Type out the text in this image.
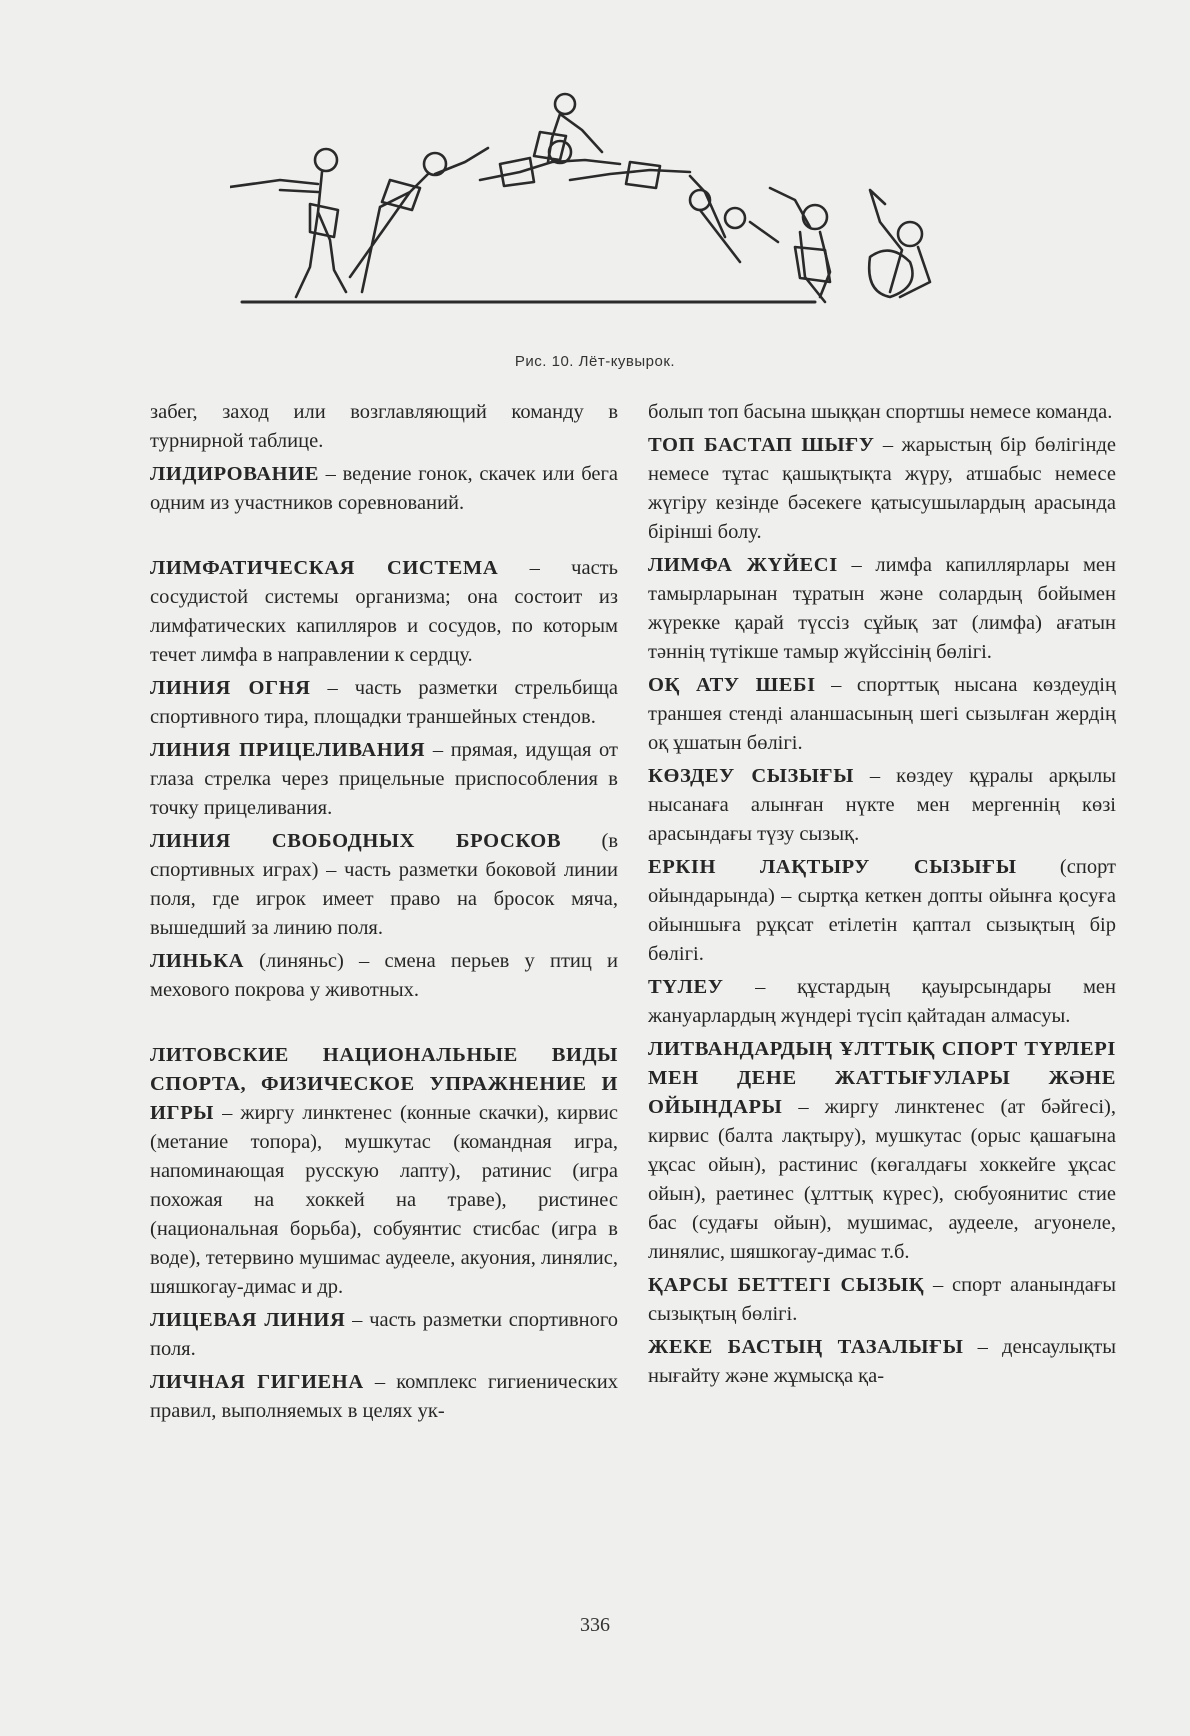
Рис. 10. Лёт-кувырок.

забег, заход или возглавляющий команду в турнирной таблице.

ЛИДИРОВАНИЕ – ведение гонок, скачек или бега одним из участников соревнований.

ЛИМФАТИЧЕСКАЯ СИСТЕМА – часть сосудистой системы организма; она состоит из лимфатических капилляров и сосудов, по которым течет лимфа в направлении к сердцу.

ЛИНИЯ ОГНЯ – часть разметки стрельбища спортивного тира, площадки траншейных стендов.

ЛИНИЯ ПРИЦЕЛИВАНИЯ – прямая, идущая от глаза стрелка через прицельные приспособления в точку прицеливания.

ЛИНИЯ СВОБОДНЫХ БРОСКОВ (в спортивных играх) – часть разметки боковой линии поля, где игрок имеет право на бросок мяча, вышедший за линию поля.

ЛИНЬКА (линяньс) – смена перьев у птиц и мехового покрова у животных.

ЛИТОВСКИЕ НАЦИОНАЛЬНЫЕ ВИДЫ СПОРТА, ФИЗИЧЕСКОЕ УПРАЖНЕНИЕ И ИГРЫ – жиргу линктенес (конные скачки), кирвис (метание топора), мушкутас (командная игра, напоминающая русскую лапту), ратинис (игра похожая на хоккей на траве), ристинес (национальная борьба), собуянтис стисбас (игра в воде), тетервино мушимас аудееле, акуония, линялис, шяшкогау-димас и др.

ЛИЦЕВАЯ ЛИНИЯ – часть разметки спортивного поля.

ЛИЧНАЯ ГИГИЕНА – комплекс гигиенических правил, выполняемых в целях ук-

болып топ басына шыққан спортшы немесе команда.

ТОП БАСТАП ШЫҒУ – жарыстың бір бөлігінде немесе тұтас қашықтықта жүру, атшабыс немесе жүгіру кезінде бәсекеге қатысушылардың арасында бірінші болу.

ЛИМФА ЖҮЙЕСІ – лимфа капиллярлары мен тамырларынан тұратын және солардың бойымен жүрекке қарай түссіз сұйық зат (лимфа) ағатын тәннің түтікше тамыр жүйссінің бөлігі.

ОҚ АТУ ШЕБІ – спорттық нысана көздеудің траншея стенді аланшасының шегі сызылған жердің оқ ұшатын бөлігі.

КӨЗДЕУ СЫЗЫҒЫ – көздеу құралы арқылы нысанаға алынған нүкте мен мергеннің көзі арасындағы түзу сызық.

ЕРКІН ЛАҚТЫРУ СЫЗЫҒЫ (спорт ойындарында) – сыртқа кеткен допты ойынға қосуға ойыншыға рұқсат етілетін қаптал сызықтың бір бөлігі.

ТҮЛЕУ – құстардың қауырсындары мен жануарлардың жүндері түсіп қайтадан алмасуы.

ЛИТВАНДАРДЫҢ ҰЛТТЫҚ СПОРТ ТҮРЛЕРІ МЕН ДЕНЕ ЖАТТЫҒУЛАРЫ ЖӘНЕ ОЙЫНДАРЫ – жиргу линктенес (ат бәйгесі), кирвис (балта лақтыру), мушкутас (орыс қашағына ұқсас ойын), растинис (көгалдағы хоккейге ұқсас ойын), раетинес (ұлттық күрес), сюбуоянитис стие бас (судағы ойын), мушимас, аудееле, агуонеле, линялис, шяшкогау-димас т.б.

ҚАРСЫ БЕТТЕГІ СЫЗЫҚ – спорт аланындағы сызықтың бөлігі.

ЖЕКЕ БАСТЫҢ ТАЗАЛЫҒЫ – денсаулықты нығайту және жұмысқа қа-

336
